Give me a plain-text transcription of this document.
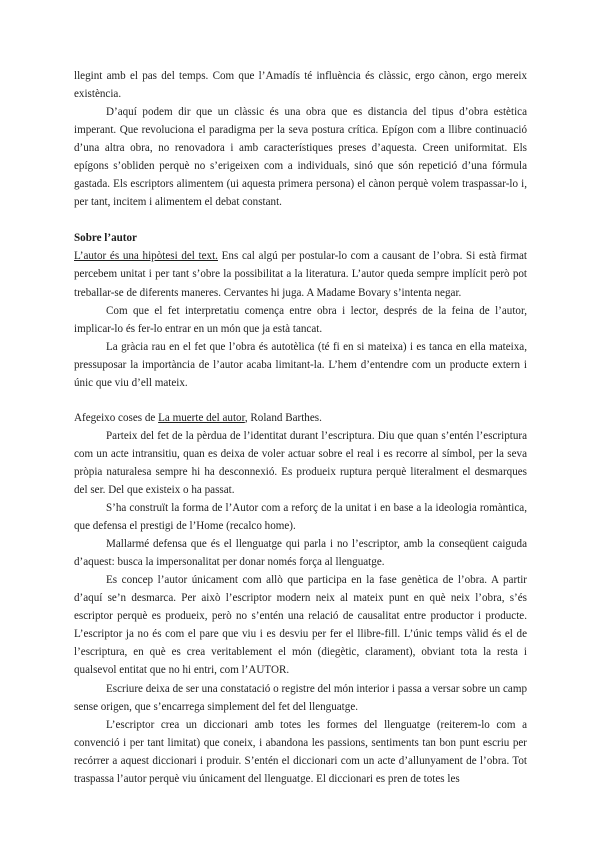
llegint amb el pas del temps. Com que l’Amadís té influència és clàssic, ergo cànon, ergo mereix existència.

D’aquí podem dir que un clàssic és una obra que es distancia del tipus d’obra estètica imperant. Que revoluciona el paradigma per la seva postura crítica. Epígon com a llibre continuació d’una altra obra, no renovadora i amb característiques preses d’aquesta. Creen uniformitat. Els epígons s’obliden perquè no s’erigeixen com a individuals, sinó que són repetició d’una fórmula gastada. Els escriptors alimentem (ui aquesta primera persona) el cànon perquè volem traspassar-lo i, per tant, incitem i alimentem el debat constant.

Sobre l’autor

L’autor és una hipòtesi del text. Ens cal algú per postular-lo com a causant de l’obra. Si està firmat percebem unitat i per tant s’obre la possibilitat a la literatura. L’autor queda sempre implícit però pot treballar-se de diferents maneres. Cervantes hi juga. A Madame Bovary s’intenta negar.

Com que el fet interpretatiu comença entre obra i lector, després de la feina de l’autor, implicar-lo és fer-lo entrar en un món que ja està tancat.

La gràcia rau en el fet que l’obra és autotèlica (té fi en si mateixa) i es tanca en ella mateixa, pressuposar la importància de l’autor acaba limitant-la. L’hem d’entendre com un producte extern i únic que viu d’ell mateix.

Afegeixo coses de La muerte del autor, Roland Barthes.

Parteix del fet de la pèrdua de l’identitat durant l’escriptura. Diu que quan s’entén l’escriptura com un acte intransitiu, quan es deixa de voler actuar sobre el real i es recorre al símbol, per la seva pròpia naturalesa sempre hi ha desconnexió. Es produeix ruptura perquè literalment el desmarques del ser. Del que existeix o ha passat.

S’ha construït la forma de l’Autor com a reforç de la unitat i en base a la ideologia romàntica, que defensa el prestigi de l’Home (recalco home).

Mallarmé defensa que és el llenguatge qui parla i no l’escriptor, amb la conseqüent caiguda d’aquest: busca la impersonalitat per donar només força al llenguatge.

Es concep l’autor únicament com allò que participa en la fase genètica de l’obra. A partir d’aquí se’n desmarca. Per això l’escriptor modern neix al mateix punt en què neix l’obra, s’és escriptor perquè es produeix, però no s’entén una relació de causalitat entre productor i producte. L’escriptor ja no és com el pare que viu i es desviu per fer el llibre-fill. L’únic temps vàlid és el de l’escriptura, en què es crea veritablement el món (diegètic, clarament), obviant tota la resta i qualsevol entitat que no hi entri, com l’AUTOR.

Escriure deixa de ser una constatació o registre del món interior i passa a versar sobre un camp sense origen, que s’encarrega simplement del fet del llenguatge.

L’escriptor crea un diccionari amb totes les formes del llenguatge (reiterem-lo com a convenció i per tant limitat) que coneix, i abandona les passions, sentiments tan bon punt escriu per recórrer a aquest diccionari i produir. S’entén el diccionari com un acte d’allunyament de l’obra. Tot traspassa l’autor perquè viu únicament del llenguatge. El diccionari es pren de totes les
